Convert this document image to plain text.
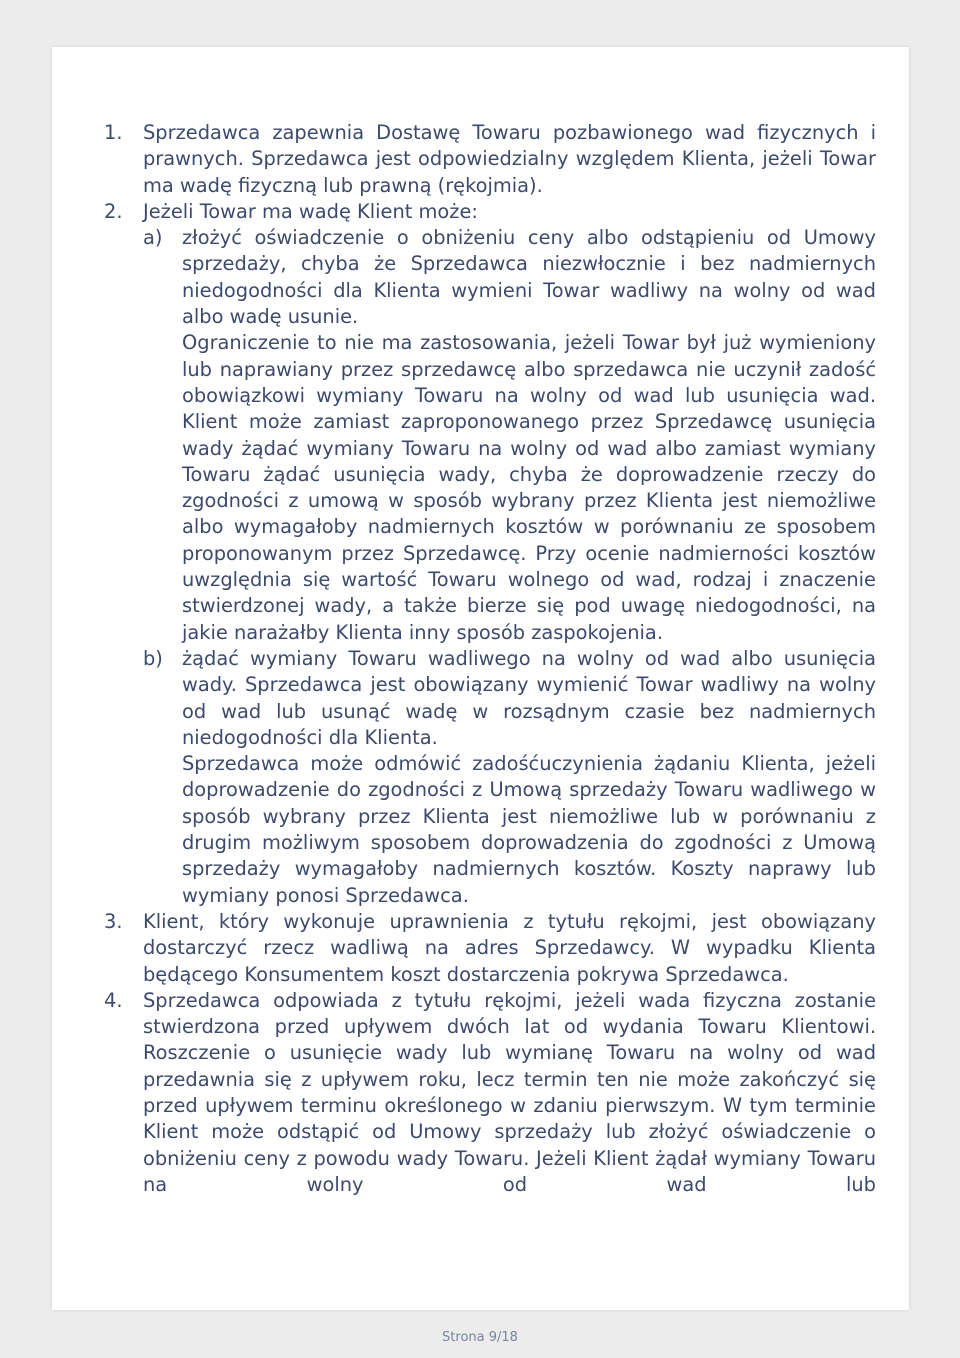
1.	Sprzedawca zapewnia Dostawę Towaru pozbawionego wad fizycznych i prawnych. Sprzedawca jest odpowiedzialny względem Klienta, jeżeli Towar ma wadę fizyczną lub prawną (rękojmia).
2.	Jeżeli Towar ma wadę Klient może:
a)	złożyć oświadczenie o obniżeniu ceny albo odstąpieniu od Umowy sprzedaży, chyba że Sprzedawca niezwłocznie i bez nadmiernych niedogodności dla Klienta wymieni Towar wadliwy na wolny od wad albo wadę usunie.
Ograniczenie to nie ma zastosowania, jeżeli Towar był już wymieniony lub naprawiany przez sprzedawcę albo sprzedawca nie uczynił zadość obowiązkowi wymiany Towaru na wolny od wad lub usunięcia wad. Klient może zamiast zaproponowanego przez Sprzedawcę usunięcia wady żądać wymiany Towaru na wolny od wad albo zamiast wymiany Towaru żądać usunięcia wady, chyba że doprowadzenie rzeczy do zgodności z umową w sposób wybrany przez Klienta jest niemożliwe albo wymagałoby nadmiernych kosztów w porównaniu ze sposobem proponowanym przez Sprzedawcę. Przy ocenie nadmierności kosztów uwzględnia się wartość Towaru wolnego od wad, rodzaj i znaczenie stwierdzonej wady, a także bierze się pod uwagę niedogodności, na jakie narażałby Klienta inny sposób zaspokojenia.
b) żądać wymiany Towaru wadliwego na wolny od wad albo usunięcia wady. Sprzedawca jest obowiązany wymienić Towar wadliwy na wolny od wad lub usunąć wadę w rozsądnym czasie bez nadmiernych niedogodności dla Klienta.
Sprzedawca może odmówić zadośćuczynienia żądaniu Klienta, jeżeli doprowadzenie do zgodności z Umową sprzedaży Towaru wadliwego w sposób wybrany przez Klienta jest niemożliwe lub w porównaniu z drugim możliwym sposobem doprowadzenia do zgodności z Umową sprzedaży wymagałoby nadmiernych kosztów. Koszty naprawy lub wymiany ponosi Sprzedawca.
3.	Klient, który wykonuje uprawnienia z tytułu rękojmi, jest obowiązany dostarczyć rzecz wadliwą na adres Sprzedawcy. W wypadku Klienta będącego Konsumentem koszt dostarczenia pokrywa Sprzedawca.
4.	Sprzedawca odpowiada z tytułu rękojmi, jeżeli wada fizyczna zostanie stwierdzona przed upływem dwóch lat od wydania Towaru Klientowi. Roszczenie o usunięcie wady lub wymianę Towaru na wolny od wad przedawnia się z upływem roku, lecz termin ten nie może zakończyć się przed upływem terminu określonego w zdaniu pierwszym. W tym terminie Klient może odstąpić od Umowy sprzedaży lub złożyć oświadczenie o obniżeniu ceny z powodu wady Towaru. Jeżeli Klient żądał wymiany Towaru na wolny od wad lub
Strona 9/18
